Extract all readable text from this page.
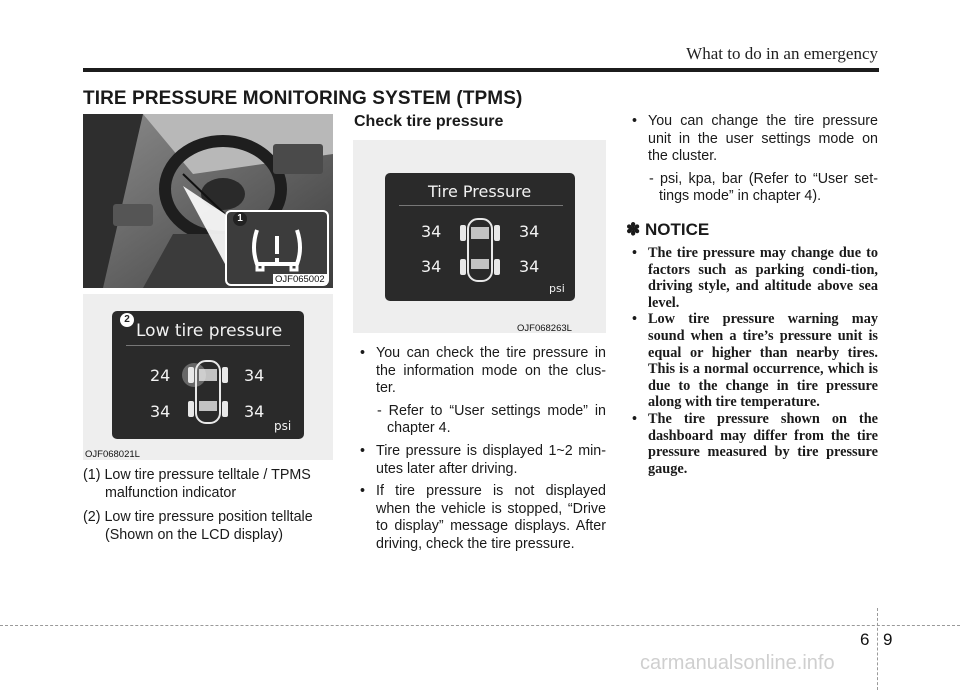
What to do in an emergency
TIRE PRESSURE MONITORING SYSTEM (TPMS)
1
OJF065002
2
Low tire pressure
24	34
34	34
psi
OJF068021L
(1) Low tire pressure telltale / TPMS malfunction indicator
(2) Low tire pressure position telltale (Shown on the LCD display)
Check tire pressure
Tire Pressure
34	34
34	34
psi
OJF068263L
• You can check the tire pressure in the information mode on the clus-ter.
- Refer to “User settings mode” in chapter 4.
• Tire pressure is displayed 1~2 min-utes later after driving.
• If tire pressure is not displayed when the vehicle is stopped, “Drive to display” message displays. After driving, check the tire pressure.
• You can change the tire pressure unit in the user settings mode on the cluster.
- psi, kpa, bar (Refer to “User set-tings mode” in chapter 4).
✽ NOTICE
• The tire pressure may change due to factors such as parking condi-tion, driving style, and altitude above sea level.
• Low tire pressure warning may sound when a tire’s pressure unit is equal or higher than nearby tires. This is a normal occurrence, which is due to the change in tire pressure along with tire temperature.
• The tire pressure shown on the dashboard may differ from the tire pressure measured by tire pressure gauge.
6 9
carmanualsonline.info
